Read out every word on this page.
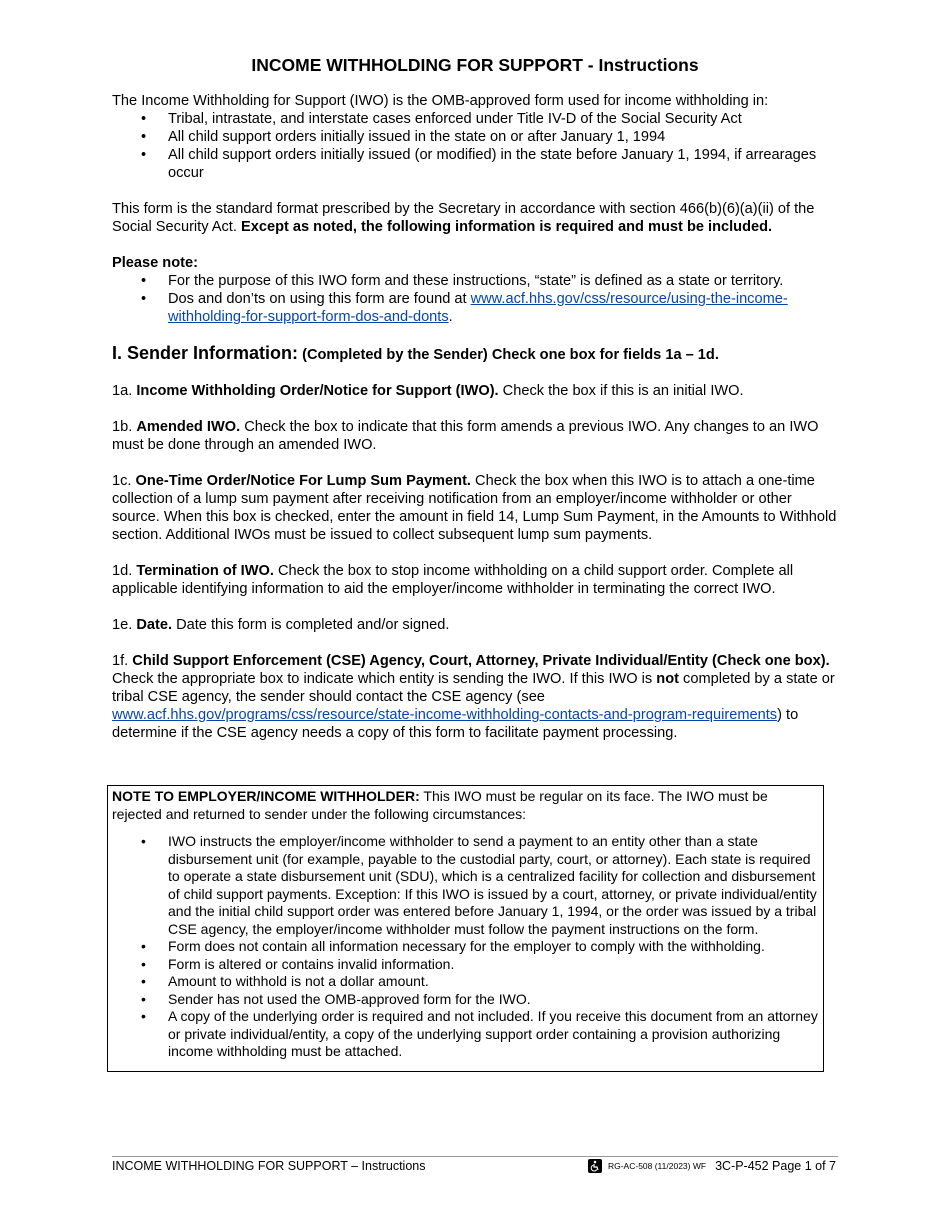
INCOME WITHHOLDING FOR SUPPORT - Instructions

The Income Withholding for Support (IWO) is the OMB-approved form used for income withholding in:

• Tribal, intrastate, and interstate cases enforced under Title IV-D of the Social Security Act
• All child support orders initially issued in the state on or after January 1, 1994
• All child support orders initially issued (or modified) in the state before January 1, 1994, if arrearages occur

This form is the standard format prescribed by the Secretary in accordance with section 466(b)(6)(a)(ii) of the Social Security Act. Except as noted, the following information is required and must be included.

Please note:

• For the purpose of this IWO form and these instructions, “state” is defined as a state or territory.
• Dos and don’ts on using this form are found at www.acf.hhs.gov/css/resource/using-the-income-withholding-for-support-form-dos-and-donts.

I. Sender Information: (Completed by the Sender) Check one box for fields 1a – 1d.

1a. Income Withholding Order/Notice for Support (IWO). Check the box if this is an initial IWO.

1b. Amended IWO. Check the box to indicate that this form amends a previous IWO. Any changes to an IWO must be done through an amended IWO.

1c. One-Time Order/Notice For Lump Sum Payment. Check the box when this IWO is to attach a one-time collection of a lump sum payment after receiving notification from an employer/income withholder or other source. When this box is checked, enter the amount in field 14, Lump Sum Payment, in the Amounts to Withhold section. Additional IWOs must be issued to collect subsequent lump sum payments.

1d. Termination of IWO. Check the box to stop income withholding on a child support order. Complete all applicable identifying information to aid the employer/income withholder in terminating the correct IWO.

1e. Date. Date this form is completed and/or signed.

1f. Child Support Enforcement (CSE) Agency, Court, Attorney, Private Individual/Entity (Check one box). Check the appropriate box to indicate which entity is sending the IWO. If this IWO is not completed by a state or tribal CSE agency, the sender should contact the CSE agency (see www.acf.hhs.gov/programs/css/resource/state-income-withholding-contacts-and-program-requirements) to determine if the CSE agency needs a copy of this form to facilitate payment processing.

NOTE TO EMPLOYER/INCOME WITHHOLDER: This IWO must be regular on its face. The IWO must be rejected and returned to sender under the following circumstances:

• IWO instructs the employer/income withholder to send a payment to an entity other than a state disbursement unit (for example, payable to the custodial party, court, or attorney). Each state is required to operate a state disbursement unit (SDU), which is a centralized facility for collection and disbursement of child support payments. Exception: If this IWO is issued by a court, attorney, or private individual/entity and the initial child support order was entered before January 1, 1994, or the order was issued by a tribal CSE agency, the employer/income withholder must follow the payment instructions on the form.
• Form does not contain all information necessary for the employer to comply with the withholding.
• Form is altered or contains invalid information.
• Amount to withhold is not a dollar amount.
• Sender has not used the OMB-approved form for the IWO.
• A copy of the underlying order is required and not included. If you receive this document from an attorney or private individual/entity, a copy of the underlying support order containing a provision authorizing income withholding must be attached.
INCOME WITHHOLDING FOR SUPPORT – Instructions	RG-AC-508 (11/2023) WF 3C-P-452 Page 1 of 7
